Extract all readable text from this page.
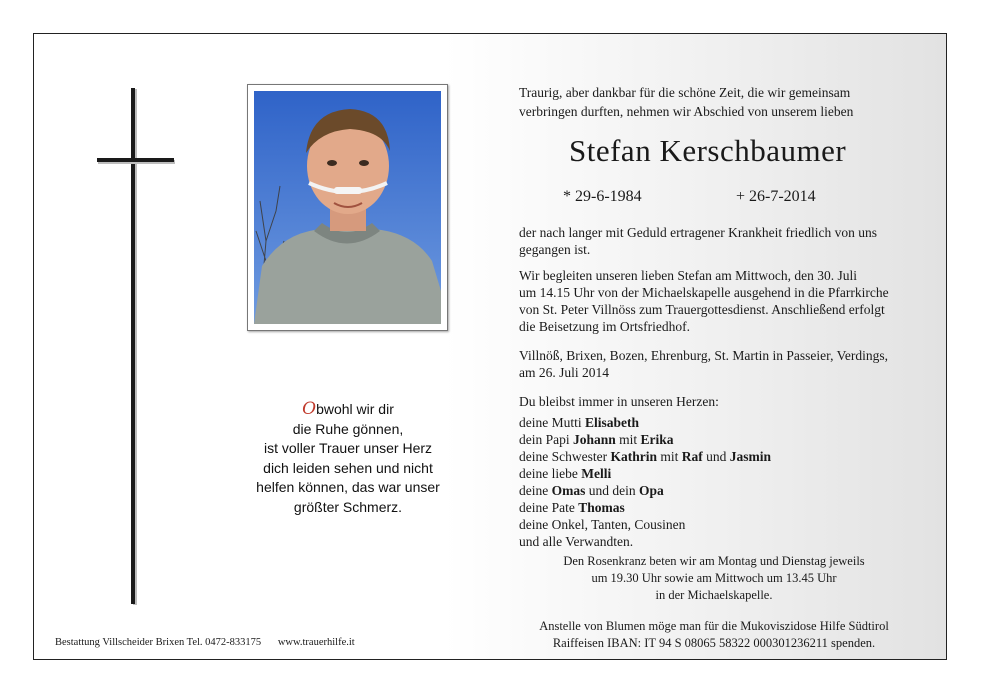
Obwohl wir dir
die Ruhe gönnen,
ist voller Trauer unser Herz
dich leiden sehen und nicht
helfen können, das war unser
größter Schmerz.
Bestattung Villscheider Brixen Tel. 0472-833175 www.trauerhilfe.it
Traurig, aber dankbar für die schöne Zeit, die wir gemeinsam
verbringen durften, nehmen wir Abschied von unserem lieben
Stefan Kerschbaumer
* 29-6-1984	+ 26-7-2014
der nach langer mit Geduld ertragener Krankheit friedlich von uns
gegangen ist.
Wir begleiten unseren lieben Stefan am Mittwoch, den 30. Juli
um 14.15 Uhr von der Michaelskapelle ausgehend in die Pfarrkirche
von St. Peter Villnöss zum Trauergottesdienst. Anschließend erfolgt
die Beisetzung im Ortsfriedhof.
Villnöß, Brixen, Bozen, Ehrenburg, St. Martin in Passeier, Verdings,
am 26. Juli 2014
Du bleibst immer in unseren Herzen:
deine Mutti Elisabeth
dein Papi Johann mit Erika
deine Schwester Kathrin mit Raf und Jasmin
deine liebe Melli
deine Omas und dein Opa
deine Pate Thomas
deine Onkel, Tanten, Cousinen
und alle Verwandten.
Den Rosenkranz beten wir am Montag und Dienstag jeweils
um 19.30 Uhr sowie am Mittwoch um 13.45 Uhr
in der Michaelskapelle.
Anstelle von Blumen möge man für die Mukoviszidose Hilfe Südtirol
Raiffeisen IBAN: IT 94 S 08065 58322 000301236211 spenden.
